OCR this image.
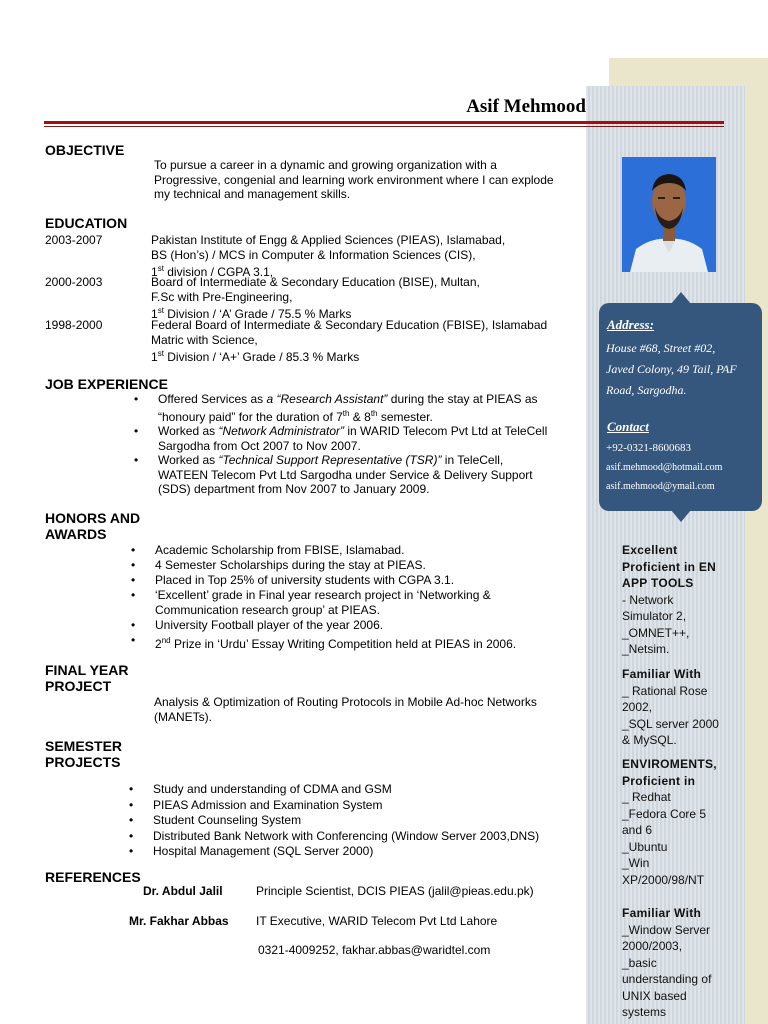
Asif Mehmood
OBJECTIVE
To pursue a career in a dynamic and growing organization with a
Progressive, congenial and learning work environment where I can explode
my technical and management skills.
EDUCATION
2003-2007	Pakistan Institute of Engg & Applied Sciences (PIEAS), Islamabad,
BS (Hon’s) / MCS in Computer & Information Sciences (CIS),
1st division / CGPA 3.1,
2000-2003	Board of Intermediate & Secondary Education (BISE), Multan,
F.Sc with Pre-Engineering,
1st Division / ‘A’ Grade / 75.5 % Marks
1998-2000	Federal Board of Intermediate & Secondary Education (FBISE), Islamabad
Matric with Science,
1st Division / ‘A+’ Grade / 85.3 % Marks
JOB EXPERIENCE
• Offered Services as a “Research Assistant” during the stay at PIEAS as
“honoury paid” for the duration of 7th & 8th semester.
• Worked as “Network Administrator” in WARID Telecom Pvt Ltd at TeleCell
Sargodha from Oct 2007 to Nov 2007.
• Worked as “Technical Support Representative (TSR)” in TeleCell,
WATEEN Telecom Pvt Ltd Sargodha under Service & Delivery Support
(SDS) department from Nov 2007 to January 2009.
HONORS AND
AWARDS
• Academic Scholarship from FBISE, Islamabad.
• 4 Semester Scholarships during the stay at PIEAS.
• Placed in Top 25% of university students with CGPA 3.1.
• ‘Excellent’ grade in Final year research project in ‘Networking &
Communication research group’ at PIEAS.
• University Football player of the year 2006.
• 2nd Prize in ‘Urdu’ Essay Writing Competition held at PIEAS in 2006.
FINAL YEAR
PROJECT
Analysis & Optimization of Routing Protocols in Mobile Ad-hoc Networks
(MANETs).
SEMESTER
PROJECTS
• Study and understanding of CDMA and GSM
• PIEAS Admission and Examination System
• Student Counseling System
• Distributed Bank Network with Conferencing (Window Server 2003,DNS)
• Hospital Management (SQL Server 2000)
REFERENCES
Dr. Abdul Jalil	Principle Scientist, DCIS PIEAS (jalil@pieas.edu.pk)
Mr. Fakhar Abbas IT Executive, WARID Telecom Pvt Ltd Lahore
0321-4009252, fakhar.abbas@waridtel.com
Address:
House #68, Street #02,
Javed Colony, 49 Tail, PAF
Road, Sargodha.
Contact
+92-0321-8600683
asif.mehmood@hotmail.com
asif.mehmood@ymail.com
Excellent
Proficient in EN
APP TOOLS
- Network
Simulator 2,
_OMNET++,
_Netsim.
Familiar With
_ Rational Rose
2002,
_SQL server 2000
& MySQL.
ENVIROMENTS,
Proficient in
_ Redhat
_Fedora Core 5
and 6
_Ubuntu
_Win
XP/2000/98/NT
Familiar With
_Window Server
2000/2003,
_basic
understanding of
UNIX based
systems
